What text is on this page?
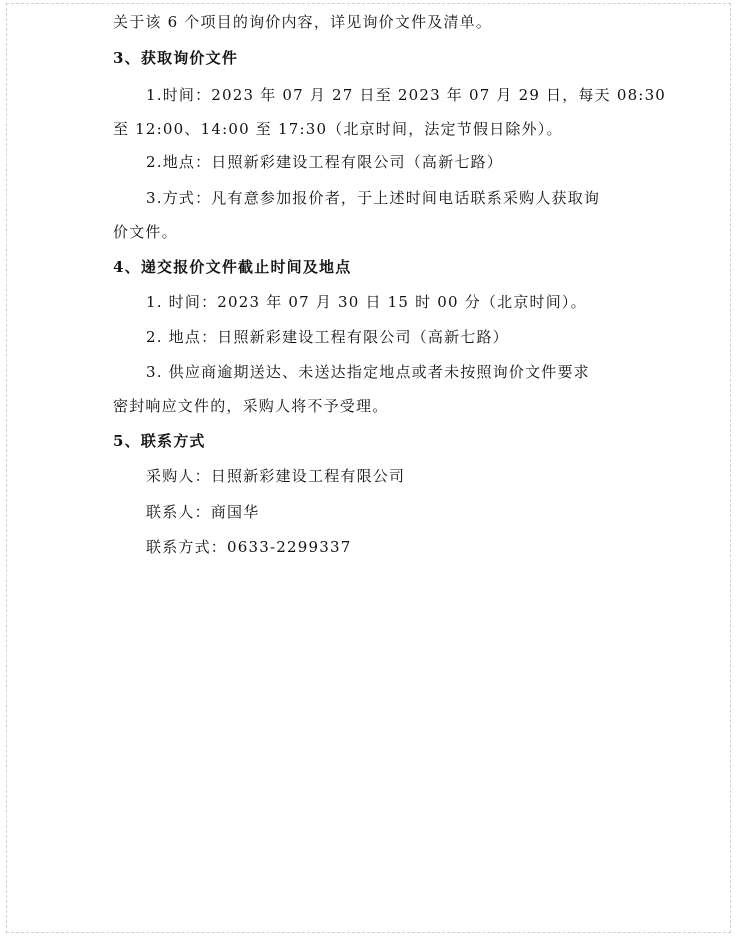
关于该 6 个项目的询价内容，详见询价文件及清单。
3、获取询价文件
1.时间：2023 年 07 月 27 日至 2023 年 07 月 29 日，每天 08:30
至 12:00、14:00 至 17:30（北京时间，法定节假日除外）。
2.地点：日照新彩建设工程有限公司（高新七路）
3.方式：凡有意参加报价者，于上述时间电话联系采购人获取询
价文件。
4、递交报价文件截止时间及地点
1. 时间：2023 年 07 月 30 日 15 时 00 分（北京时间）。
2. 地点：日照新彩建设工程有限公司（高新七路）
3. 供应商逾期送达、未送达指定地点或者未按照询价文件要求
密封响应文件的，采购人将不予受理。
5、联系方式
采购人：日照新彩建设工程有限公司
联系人：商国华
联系方式：0633-2299337
